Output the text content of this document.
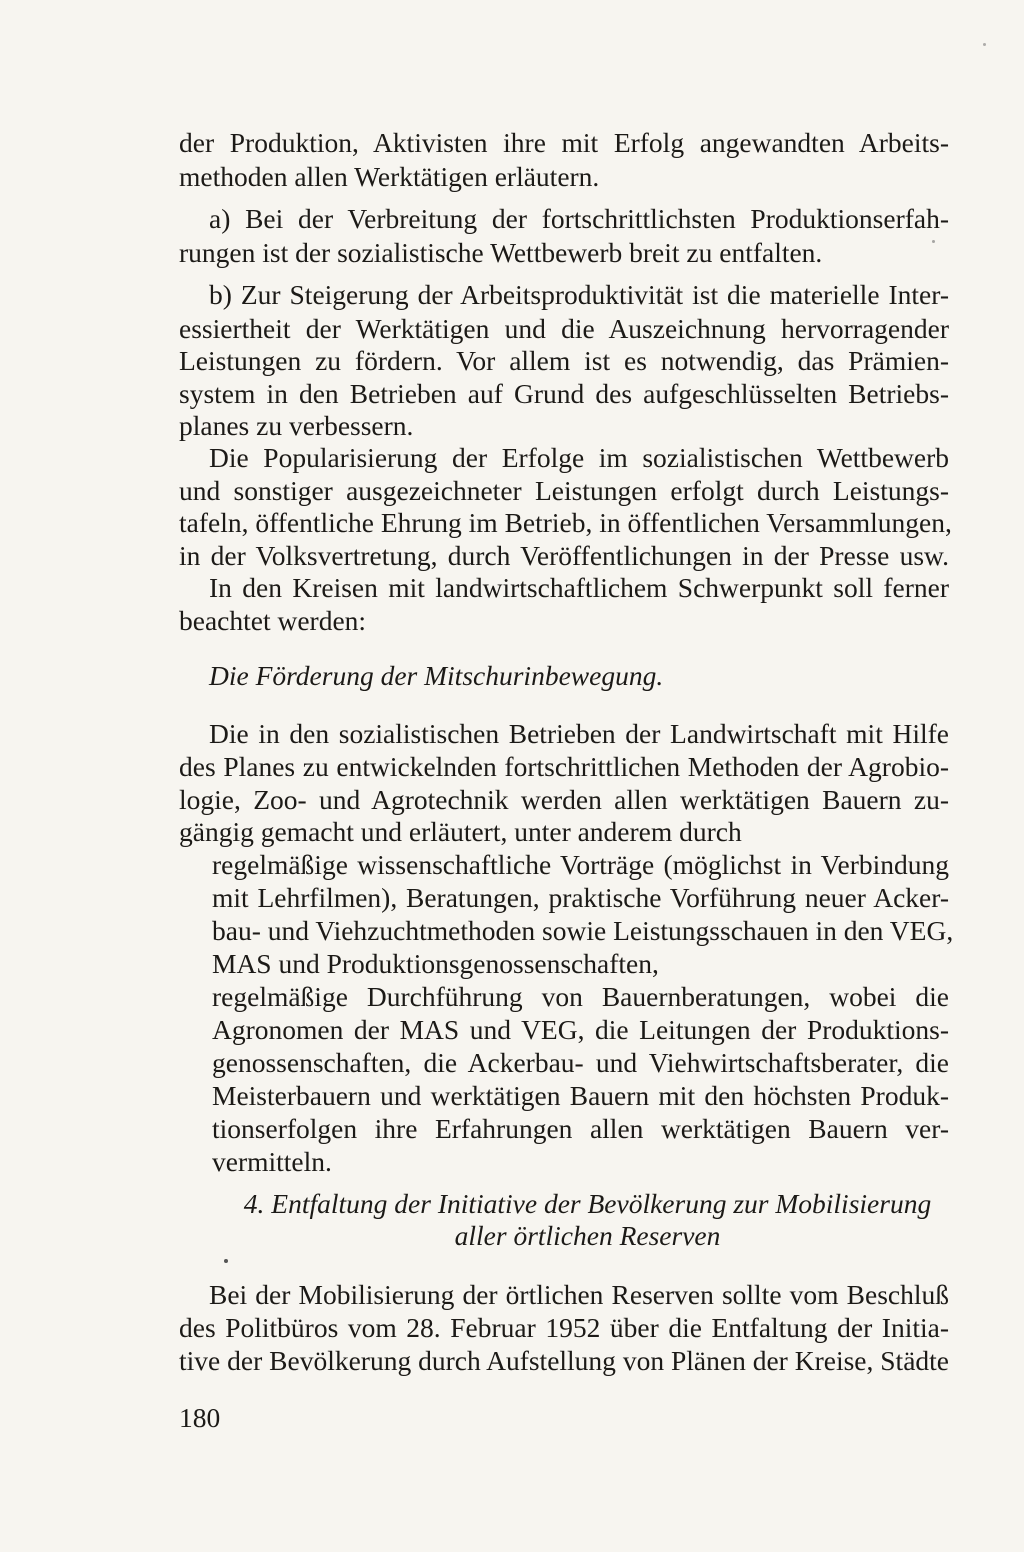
der Produktion, Aktivisten ihre mit Erfolg angewandten Arbeits-
methoden allen Werktätigen erläutern.
a) Bei der Verbreitung der fortschrittlichsten Produktionserfah-
rungen ist der sozialistische Wettbewerb breit zu entfalten.
b) Zur Steigerung der Arbeitsproduktivität ist die materielle Inter-
essiertheit der Werktätigen und die Auszeichnung hervorragender
Leistungen zu fördern. Vor allem ist es notwendig, das Prämien-
system in den Betrieben auf Grund des aufgeschlüsselten Betriebs-
planes zu verbessern.
Die Popularisierung der Erfolge im sozialistischen Wettbewerb
und sonstiger ausgezeichneter Leistungen erfolgt durch Leistungs-
tafeln, öffentliche Ehrung im Betrieb, in öffentlichen Versammlungen,
in der Volksvertretung, durch Veröffentlichungen in der Presse usw.
In den Kreisen mit landwirtschaftlichem Schwerpunkt soll ferner
beachtet werden:
Die Förderung der Mitschurinbewegung.
Die in den sozialistischen Betrieben der Landwirtschaft mit Hilfe
des Planes zu entwickelnden fortschrittlichen Methoden der Agrobio-
logie, Zoo- und Agrotechnik werden allen werktätigen Bauern zu-
gängig gemacht und erläutert, unter anderem durch
regelmäßige wissenschaftliche Vorträge (möglichst in Verbindung
mit Lehrfilmen), Beratungen, praktische Vorführung neuer Acker-
bau- und Viehzuchtmethoden sowie Leistungsschauen in den VEG,
MAS und Produktionsgenossenschaften,
regelmäßige Durchführung von Bauernberatungen, wobei die
Agronomen der MAS und VEG, die Leitungen der Produktions-
genossenschaften, die Ackerbau- und Viehwirtschaftsberater, die
Meisterbauern und werktätigen Bauern mit den höchsten Produk-
tionserfolgen ihre Erfahrungen allen werktätigen Bauern ver-
vermitteln.
4. Entfaltung der Initiative der Bevölkerung zur Mobilisierung
aller örtlichen Reserven
Bei der Mobilisierung der örtlichen Reserven sollte vom Beschluß
des Politbüros vom 28. Februar 1952 über die Entfaltung der Initia-
tive der Bevölkerung durch Aufstellung von Plänen der Kreise, Städte
180
